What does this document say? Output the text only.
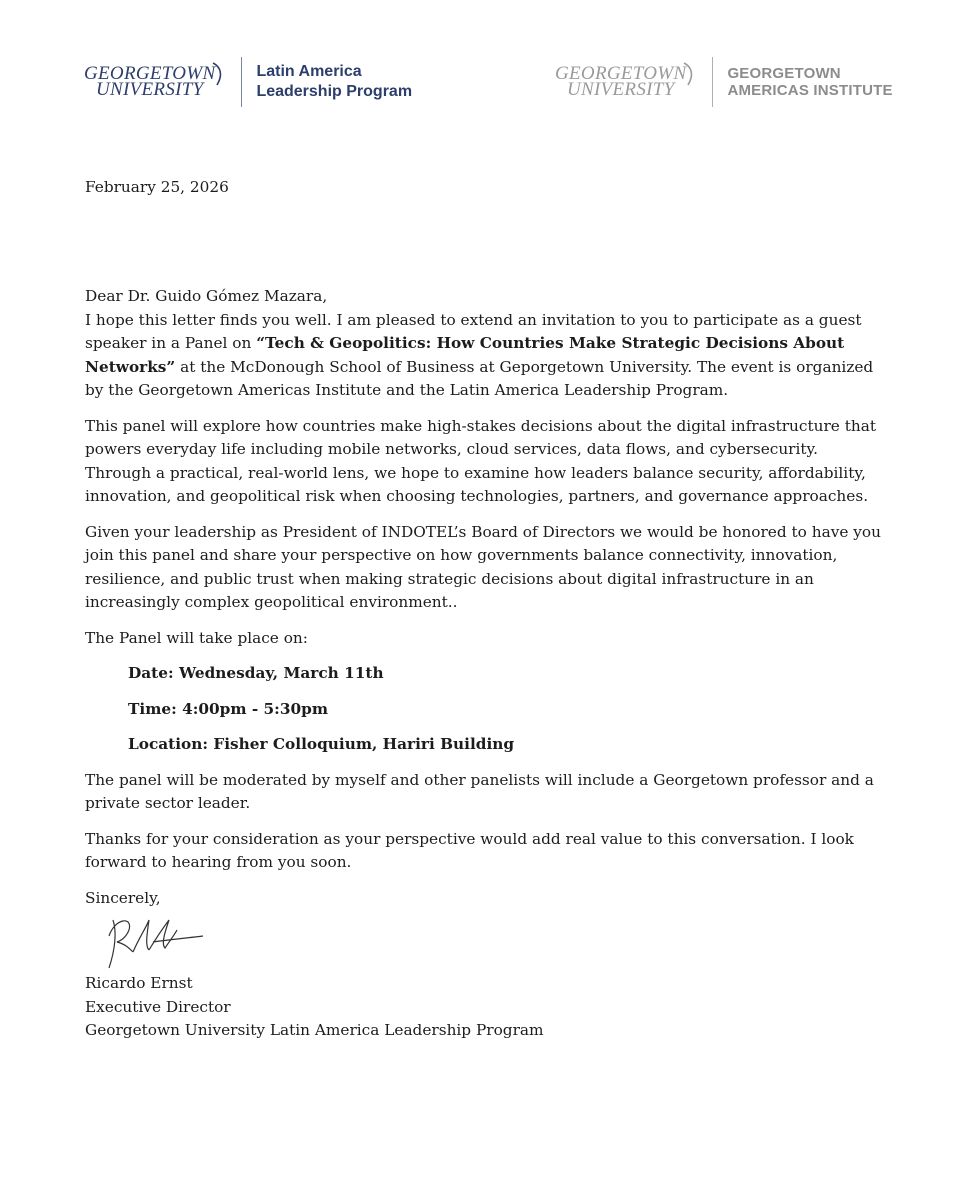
GEORGETOWN
UNIVERSITY
Latin America
Leadership Program
GEORGETOWN
UNIVERSITY
GEORGETOWN
AMERICAS INSTITUTE
February 25, 2026

Dear Dr. Guido Gómez Mazara,

I hope this letter finds you well. I am pleased to extend an invitation to you to participate as a guest speaker in a Panel on “Tech & Geopolitics: How Countries Make Strategic Decisions About Networks” at the McDonough School of Business at Geporgetown University. The event is organized by the Georgetown Americas Institute and the Latin America Leadership Program.

This panel will explore how countries make high-stakes decisions about the digital infrastructure that powers everyday life including mobile networks, cloud services, data flows, and cybersecurity. Through a practical, real-world lens, we hope to examine how leaders balance security, affordability, innovation, and geopolitical risk when choosing technologies, partners, and governance approaches.

Given your leadership as President of INDOTEL’s Board of Directors we would be honored to have you join this panel and share your perspective on how governments balance connectivity, innovation, resilience, and public trust when making strategic decisions about digital infrastructure in an increasingly complex geopolitical environment..

The Panel will take place on:

Date: Wednesday, March 11th
Time: 4:00pm - 5:30pm
Location: Fisher Colloquium, Hariri Building

The panel will be moderated by myself and other panelists will include a Georgetown professor and a private sector leader.

Thanks for your consideration as your perspective would add real value to this conversation. I look forward to hearing from you soon.

Sincerely,

Ricardo Ernst
Executive Director
Georgetown University Latin America Leadership Program
